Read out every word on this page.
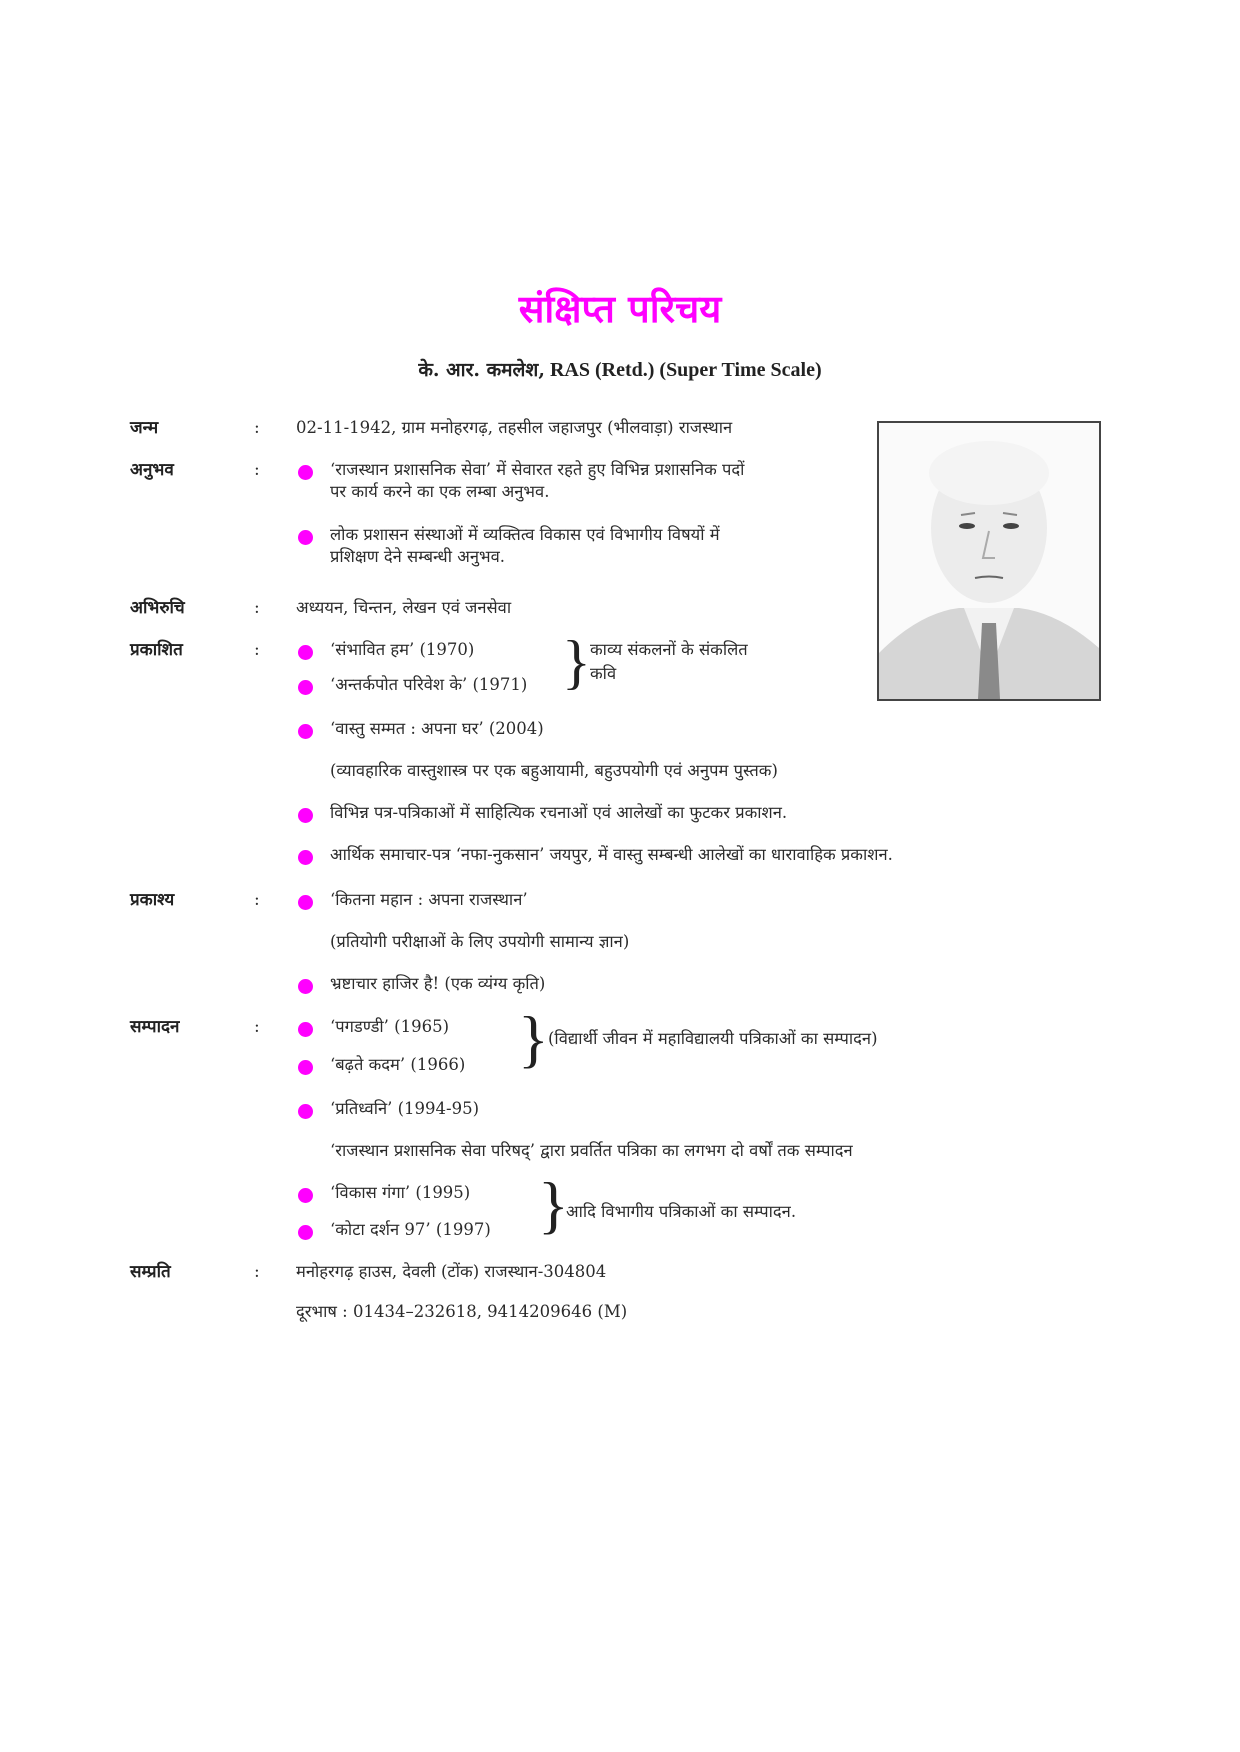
संक्षिप्त परिचय
के. आर. कमलेश, RAS (Retd.) (Super Time Scale)
जन्म	: 02-11-1942, ग्राम मनोहरगढ़, तहसील जहाजपुर (भीलवाड़ा) राजस्थान
अनुभव	:	‘राजस्थान प्रशासनिक सेवा’ में सेवारत रहते हुए विभिन्न प्रशासनिक पदों
पर कार्य करने का एक लम्बा अनुभव.
लोक प्रशासन संस्थाओं में व्यक्तित्व विकास एवं विभागीय विषयों में
प्रशिक्षण देने सम्बन्धी अनुभव.
अभिरुचि	: अध्ययन, चिन्तन, लेखन एवं जनसेवा
प्रकाशित	:	‘संभावित हम’ (1970)
‘अन्तर्कपोत परिवेश के’ (1971) } काव्य संकलनों के संकलित
कवि
‘वास्तु सम्मत : अपना घर’ (2004)
(व्यावहारिक वास्तुशास्त्र पर एक बहुआयामी, बहुउपयोगी एवं अनुपम पुस्तक)
विभिन्न पत्र-पत्रिकाओं में साहित्यिक रचनाओं एवं आलेखों का फुटकर प्रकाशन.
आर्थिक समाचार-पत्र ‘नफा-नुकसान’ जयपुर, में वास्तु सम्बन्धी आलेखों का धारावाहिक प्रकाशन.
प्रकाश्य	:	‘कितना महान : अपना राजस्थान’
(प्रतियोगी परीक्षाओं के लिए उपयोगी सामान्य ज्ञान)
भ्रष्टाचार हाजिर है! (एक व्यंग्य कृति)
सम्पादन	:	‘पगडण्डी’ (1965)
‘बढ़ते कदम’ (1966) } (विद्यार्थी जीवन में महाविद्यालयी पत्रिकाओं का सम्पादन)
‘प्रतिध्वनि’ (1994-95)
‘राजस्थान प्रशासनिक सेवा परिषद्’ द्वारा प्रवर्तित पत्रिका का लगभग दो वर्षों तक सम्पादन
‘विकास गंगा’ (1995)
‘कोटा दर्शन 97’ (1997) }
आदि विभागीय पत्रिकाओं का सम्पादन.
सम्प्रति	: मनोहरगढ़ हाउस, देवली (टोंक) राजस्थान-304804
दूरभाष : 01434–232618, 9414209646 (M)
